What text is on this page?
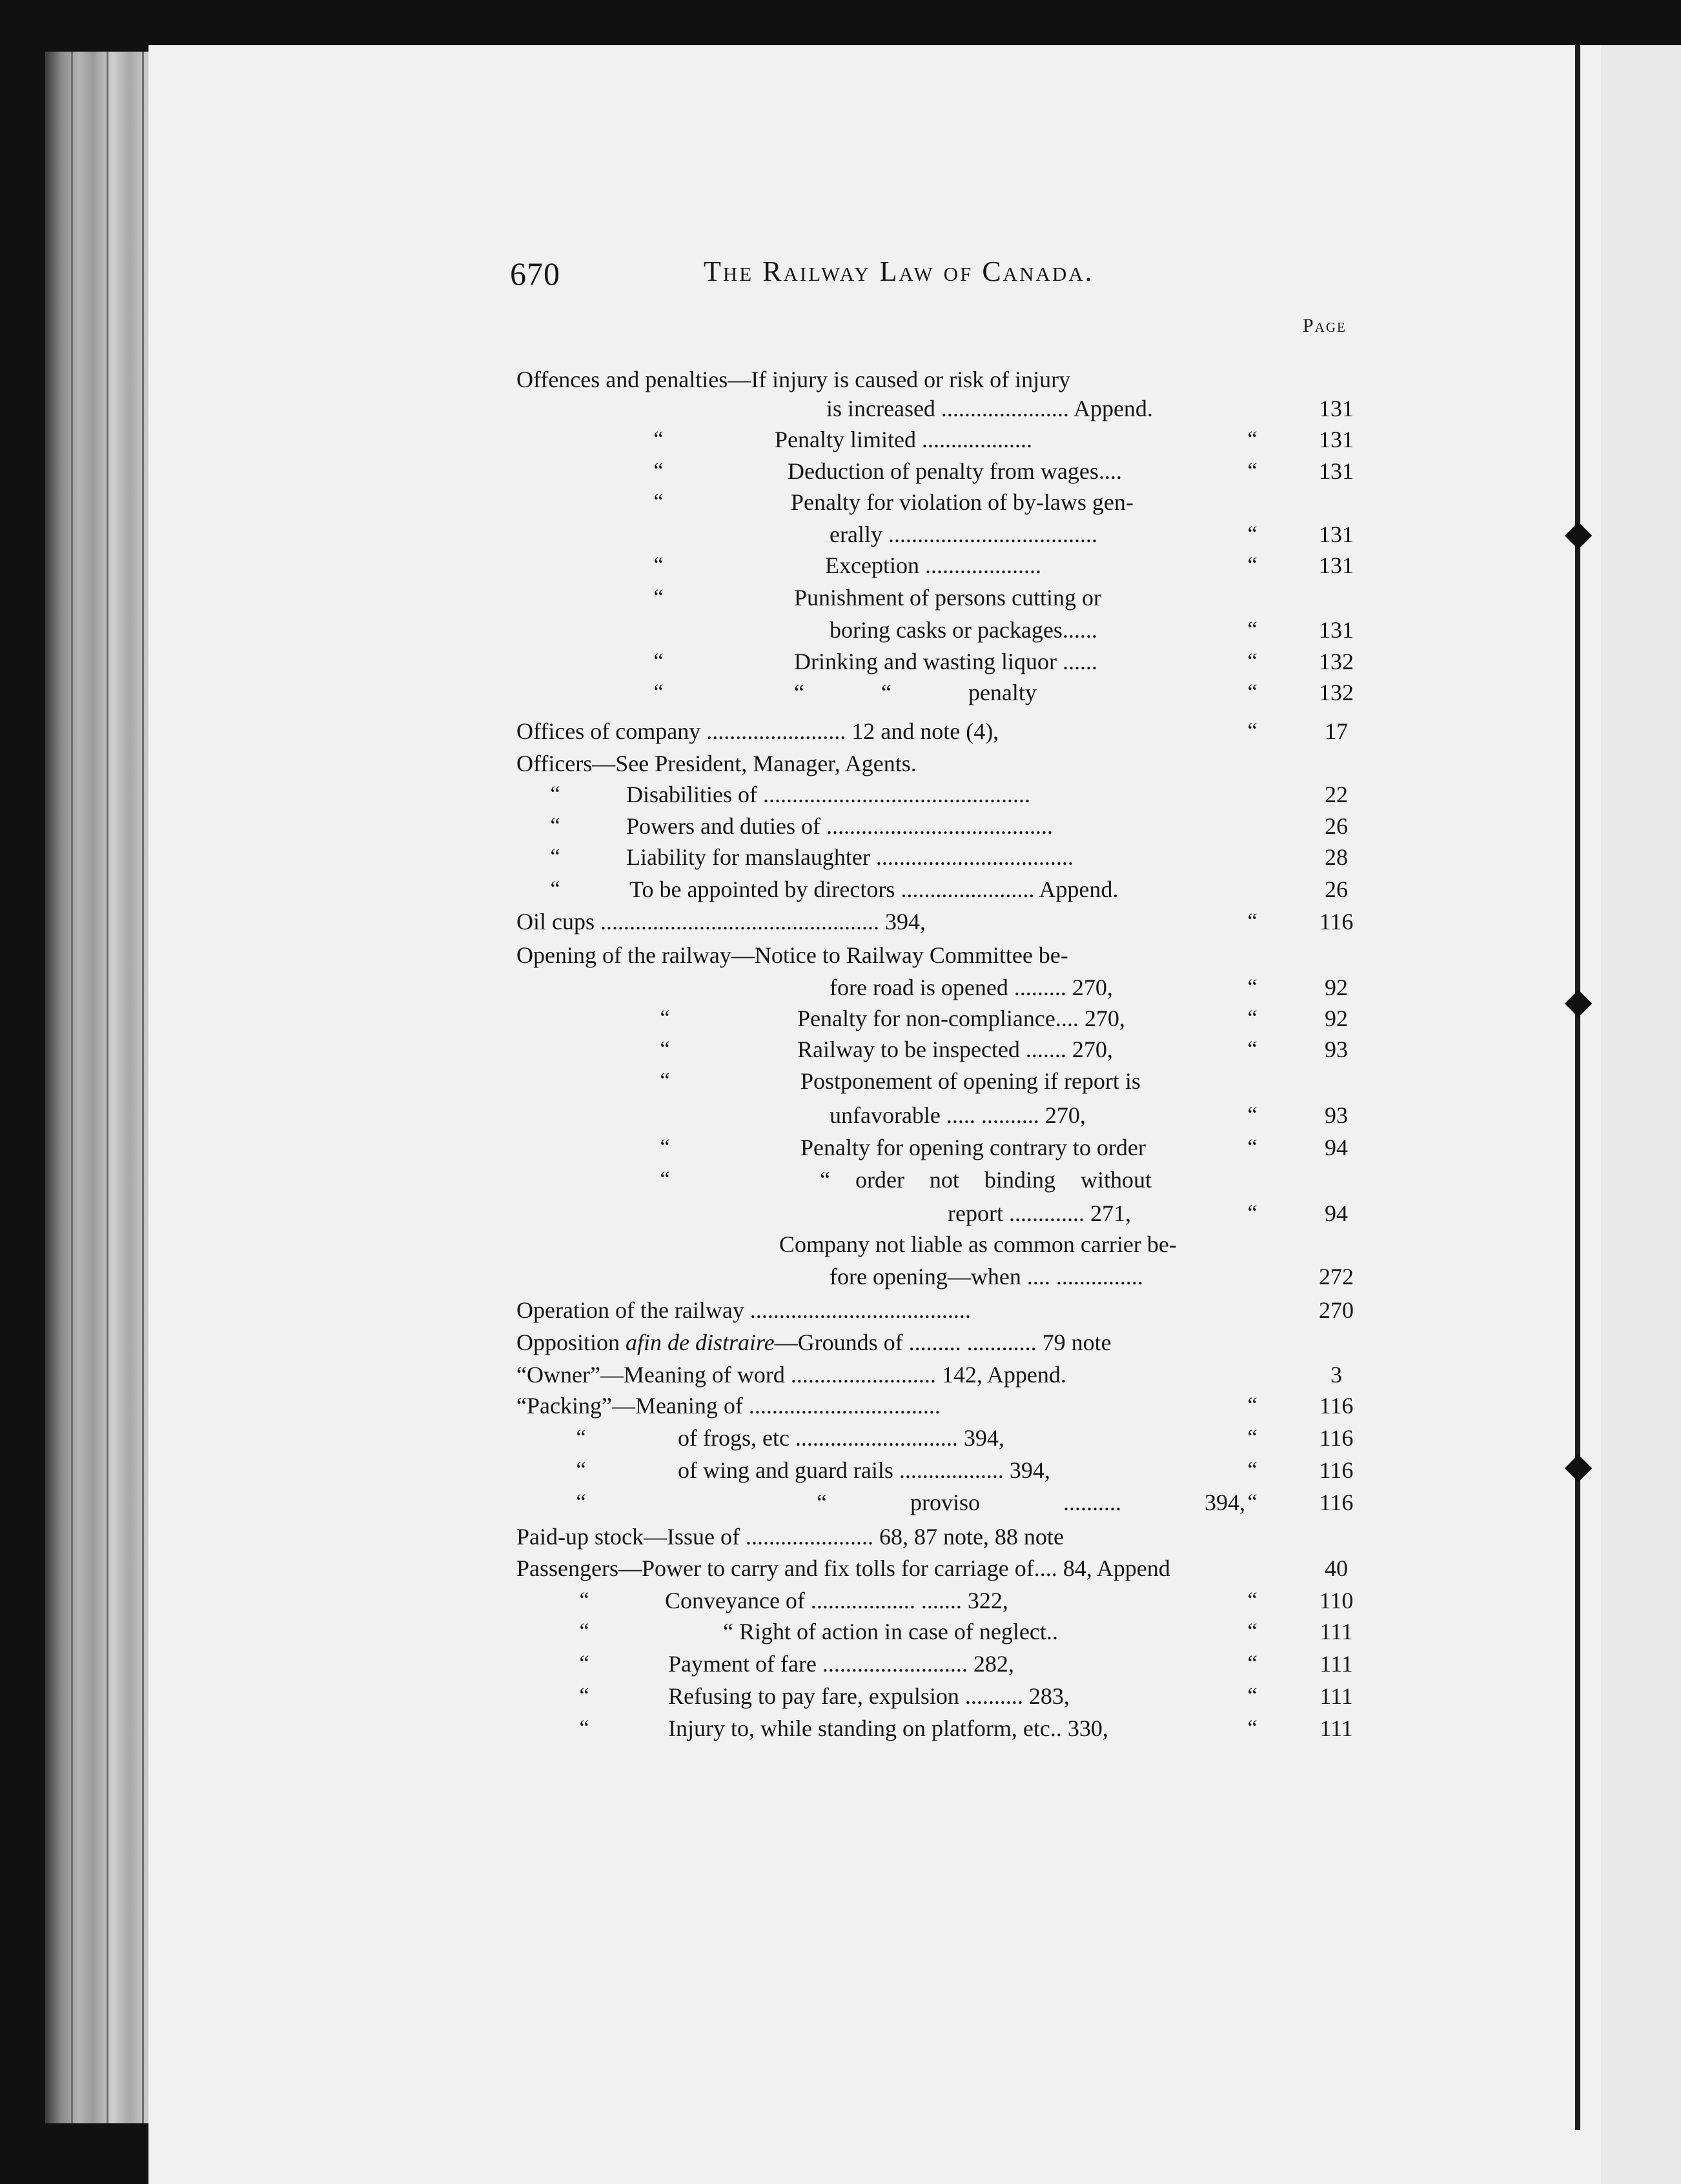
670	The Railway Law of Canada.
Page
Offences and penalties—If injury is caused or risk of injury
is increased ...................... Append.	131
“	Penalty limited ...................	“	131
“	Deduction of penalty from wages....	“	131
“	Penalty for violation of by-laws gen-
erally ....................................	“	131
“	Exception ....................	“	131
“	Punishment of persons cutting or
boring casks or packages......	“	131
“	Drinking and wasting liquor ......	“	132
“	“ “ penalty	“	132
Offices of company ........................ 12 and note (4),	“	17
Officers—See President, Manager, Agents.
“	Disabilities of ..............................................	22
“	Powers and duties of .......................................	26
“	Liability for manslaughter ..................................	28
“	To be appointed by directors ....................... Append.	26
Oil cups ................................................ 394,	“	116
Opening of the railway—Notice to Railway Committee be-
fore road is opened ......... 270,	“	92
“	Penalty for non-compliance.... 270,	“	92
“	Railway to be inspected ....... 270,	“	93
“	Postponement of opening if report is
unfavorable ..... .......... 270,	“	93
“	Penalty for opening contrary to order	“	94
“	“ order not binding without
report ............. 271,	“	94
Company not liable as common carrier be-
fore opening—when .... ...............	272
Operation of the railway ......................................	270
Opposition afin de distraire—Grounds of ......... ............ 79 note
“Owner”—Meaning of word ......................... 142, Append.	3
“Packing”—Meaning of .................................	“	116
“	of frogs, etc ............................ 394,	“	116
“	of wing and guard rails .................. 394,	“	116
“	“ proviso .......... 394, “	116
Paid-up stock—Issue of ...................... 68, 87 note, 88 note
Passengers—Power to carry and fix tolls for carriage of.... 84, Append	40
“	Conveyance of .................. ....... 322,	“	110
“	“ Right of action in case of neglect..	“	111
“	Payment of fare ......................... 282,	“	111
“	Refusing to pay fare, expulsion .......... 283,	“	111
“	Injury to, while standing on platform, etc.. 330,	“	111
